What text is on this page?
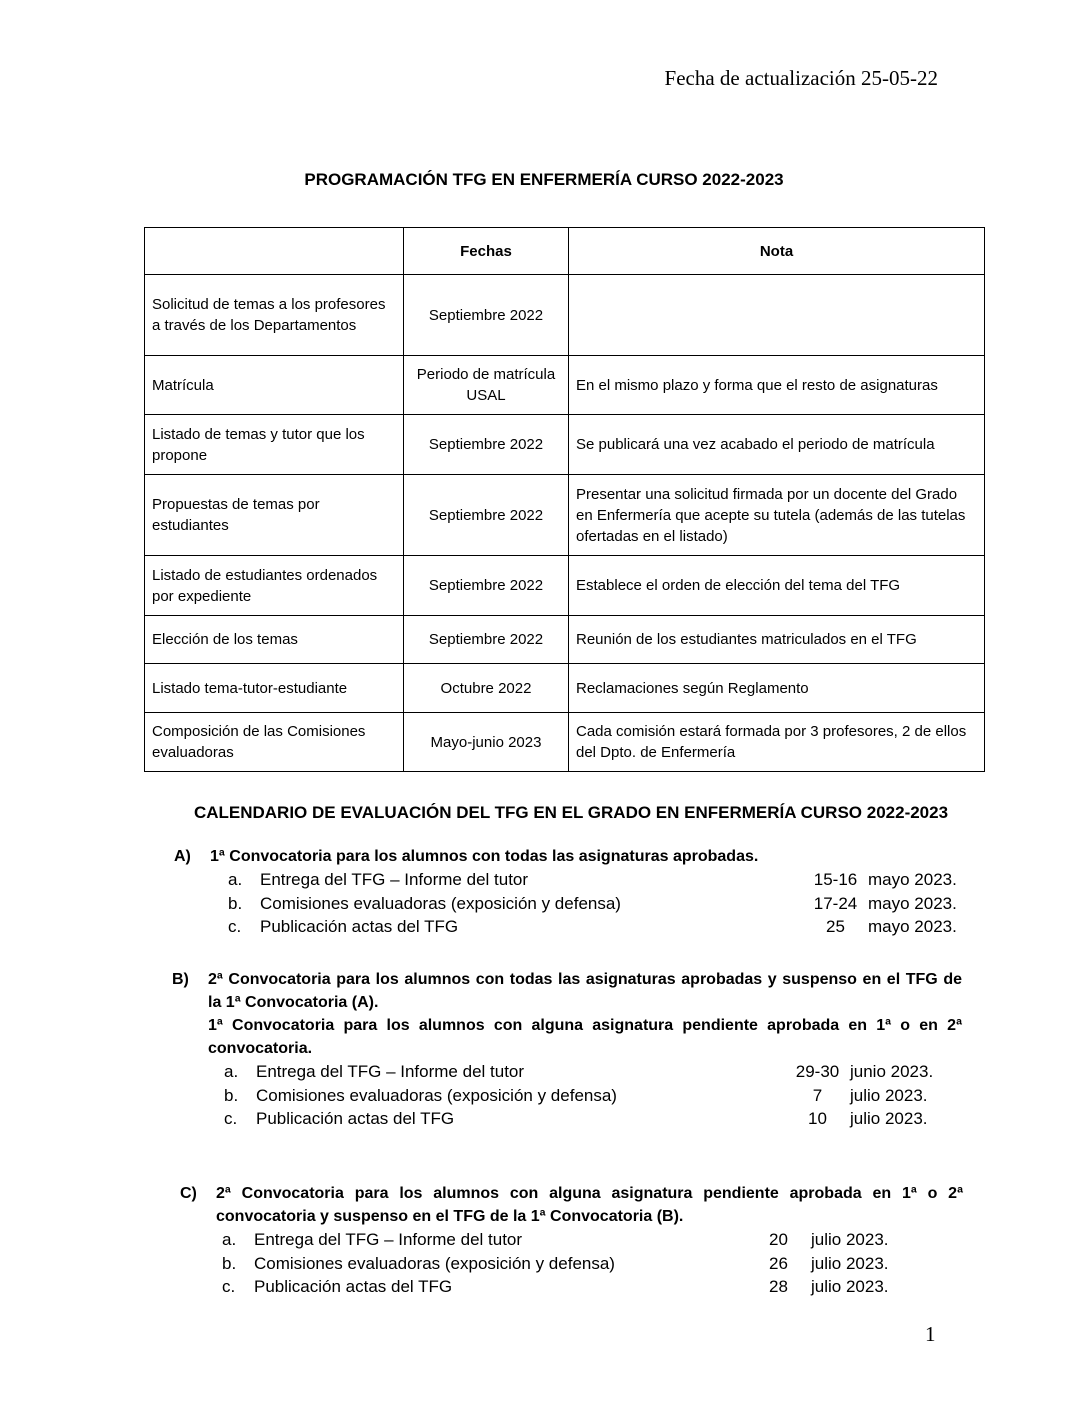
Fecha de actualización 25-05-22
PROGRAMACIÓN TFG EN ENFERMERÍA CURSO 2022-2023
	Fechas	Nota
Solicitud de temas a los profesores a través de los Departamentos	Septiembre 2022	
Matrícula	Periodo de matrícula USAL	En el mismo plazo y forma que el resto de asignaturas
Listado de temas y tutor que los propone	Septiembre 2022	Se publicará una vez acabado el periodo de matrícula
Propuestas de temas por estudiantes	Septiembre 2022	Presentar una solicitud firmada por un docente del Grado en Enfermería que acepte su tutela (además de las tutelas ofertadas en el listado)
Listado de estudiantes ordenados por expediente	Septiembre 2022	Establece el orden de elección del tema del TFG
Elección de los temas	Septiembre 2022	Reunión de los estudiantes matriculados en el TFG
Listado tema-tutor-estudiante	Octubre 2022	Reclamaciones según Reglamento
Composición de las Comisiones evaluadoras	Mayo-junio 2023	Cada comisión estará formada por 3 profesores, 2 de ellos del Dpto. de Enfermería
CALENDARIO DE EVALUACIÓN DEL TFG EN EL GRADO EN ENFERMERÍA CURSO 2022-2023
A)	1ª Convocatoria para los alumnos con todas las asignaturas aprobadas.
a.	Entrega del TFG – Informe del tutor	15-16 mayo 2023.
b.	Comisiones evaluadoras (exposición y defensa)	17-24 mayo 2023.
c.	Publicación actas del TFG	25	mayo 2023.
B)	2ª Convocatoria para los alumnos con todas las asignaturas aprobadas y suspenso en el TFG de la 1ª Convocatoria (A).
1ª Convocatoria para los alumnos con alguna asignatura pendiente aprobada en 1ª o en 2ª convocatoria.
a.	Entrega del TFG – Informe del tutor	29-30 junio 2023.
b.	Comisiones evaluadoras (exposición y defensa)	7	julio 2023.
c.	Publicación actas del TFG	10	julio 2023.
C)	2ª Convocatoria para los alumnos con alguna asignatura pendiente aprobada en 1ª o 2ª convocatoria y suspenso en el TFG de la 1ª Convocatoria (B).
a.	Entrega del TFG – Informe del tutor	20	julio 2023.
b.	Comisiones evaluadoras (exposición y defensa)	26	julio 2023.
c.	Publicación actas del TFG	28	julio 2023.
1
